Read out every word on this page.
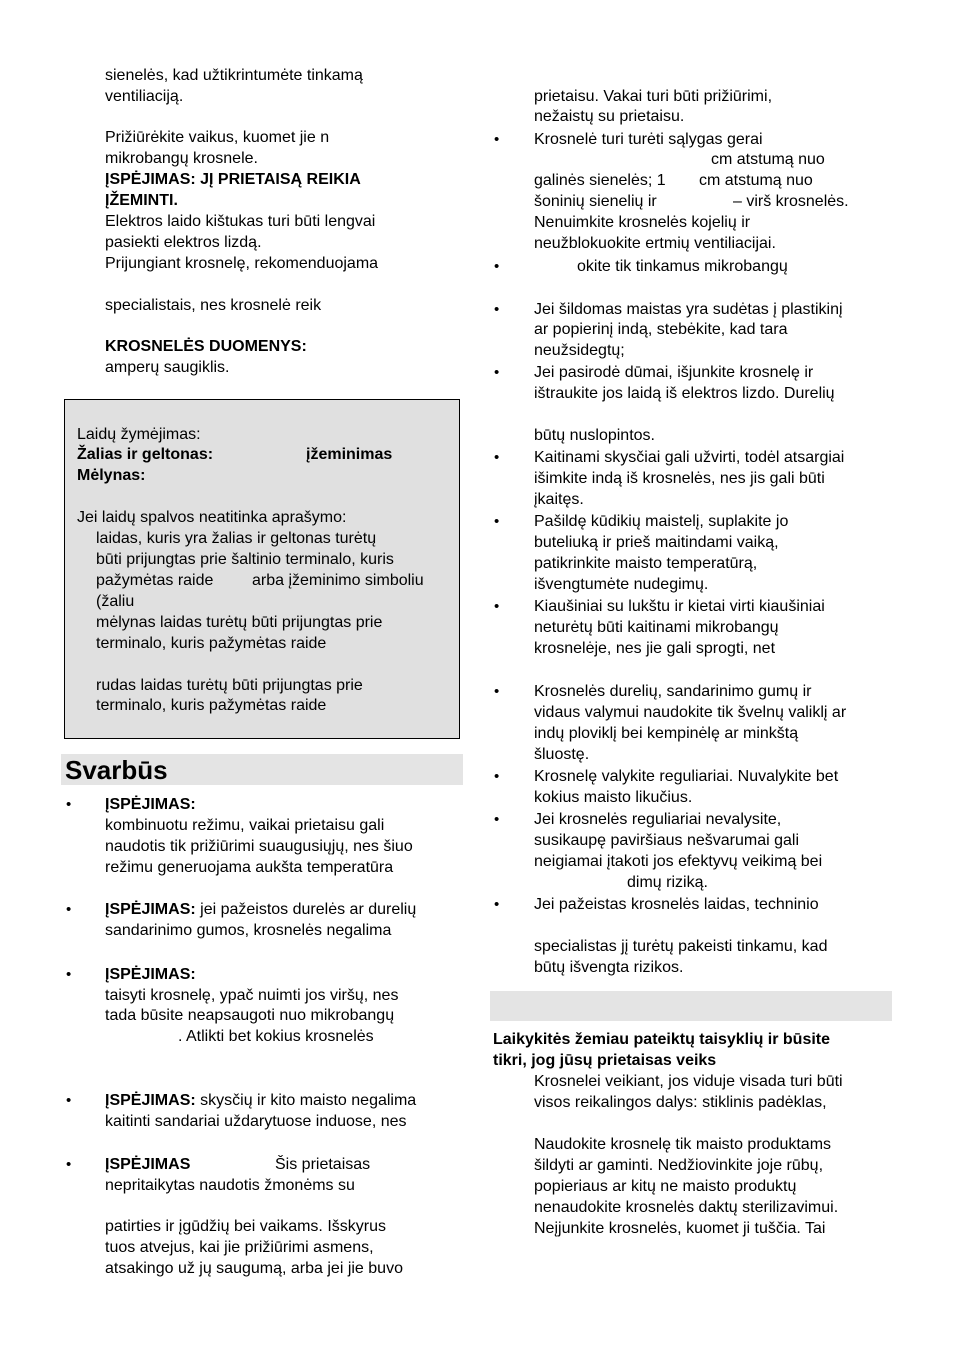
sienelės, kad užtikrintumėte tinkamą
ventiliaciją.
Prižiūrėkite vaikus, kuomet jie n
mikrobangų krosnele.
ĮSPĖJIMAS: JĮ PRIETAISĄ REIKIA
ĮŽEMINTI.
Elektros laido kištukas turi būti lengvai
pasiekti elektros lizdą.
Prijungiant krosnelę, rekomenduojama
specialistais, nes krosnelė reik
KROSNELĖS DUOMENYS:
amperų saugiklis.
Laidų žymėjimas:
Žalias ir geltonas:	įžeminimas
Mėlynas:
Jei laidų spalvos neatitinka aprašymo:
laidas, kuris yra žalias ir geltonas turėtų
būti prijungtas prie šaltinio terminalo, kuris
pažymėtas raide arba įžeminimo simboliu
(žaliu
mėlynas laidas turėtų būti prijungtas prie
terminalo, kuris pažymėtas raide
rudas laidas turėtų būti prijungtas prie
terminalo, kuris pažymėtas raide
Svarbūs
• ĮSPĖJIMAS:
kombinuotu režimu, vaikai prietaisu gali
naudotis tik prižiūrimi suaugusiųjų, nes šiuo
režimu generuojama aukšta temperatūra
• ĮSPĖJIMAS: jei pažeistos durelės ar durelių
sandarinimo gumos, krosnelės negalima
• ĮSPĖJIMAS:
taisyti krosnelę, ypač nuimti jos viršų, nes
tada būsite neapsaugoti nuo mikrobangų
. Atlikti bet kokius krosnelės
• ĮSPĖJIMAS: skysčių ir kito maisto negalima
kaitinti sandariai uždarytuose induose, nes
• ĮSPĖJIMAS	Šis prietaisas
nepritaikytas naudotis žmonėms su
patirties ir įgūdžių bei vaikams. Išskyrus
tuos atvejus, kai jie prižiūrimi asmens,
atsakingo už jų saugumą, arba jei jie buvo
prietaisu. Vakai turi būti prižiūrimi,
nežaistų su prietaisu.
• Krosnelė turi turėti sąlygas gerai
cm atstumą nuo
galinės sienelės; 1 cm atstumą nuo
šoninių sienelių ir	– virš krosnelės.
Nenuimkite krosnelės kojelių ir
neužblokuokite ertmių ventiliacijai.
•	okite tik tinkamus mikrobangų
• Jei šildomas maistas yra sudėtas į plastikinį
ar popierinį indą, stebėkite, kad tara
neužsidegtų;
• Jei pasirodė dūmai, išjunkite krosnelę ir
ištraukite jos laidą iš elektros lizdo. Durelių
būtų nuslopintos.
• Kaitinami skysčiai gali užvirti, todėl atsargiai
išimkite indą iš krosnelės, nes jis gali būti
įkaitęs.
• Pašildę kūdikių maistelį, suplakite jo
buteliuką ir prieš maitindami vaiką,
patikrinkite maisto temperatūrą,
išvengtumėte nudegimų.
• Kiaušiniai su lukštu ir kietai virti kiaušiniai
neturėtų būti kaitinami mikrobangų
krosnelėje, nes jie gali sprogti, net
• Krosnelės durelių, sandarinimo gumų ir
vidaus valymui naudokite tik švelnų valiklį ar
indų ploviklį bei kempinėlę ar minkštą
šluostę.
• Krosnelę valykite reguliariai. Nuvalykite bet
kokius maisto likučius.
• Jei krosnelės reguliariai nevalysite,
susikaupę paviršiaus nešvarumai gali
neigiamai įtakoti jos efektyvų veikimą bei
dimų riziką.
• Jei pažeistas krosnelės laidas, techninio
specialistas jį turėtų pakeisti tinkamu, kad
būtų išvengta rizikos.
Laikykitės žemiau pateiktų taisyklių ir būsite
tikri, jog jūsų prietaisas veiks
Krosnelei veikiant, jos viduje visada turi būti
visos reikalingos dalys: stiklinis padėklas,
Naudokite krosnelę tik maisto produktams
šildyti ar gaminti. Nedžiovinkite joje rūbų,
popieriaus ar kitų ne maisto produktų
nenaudokite krosnelės daktų sterilizavimui.
Neįjunkite krosnelės, kuomet ji tuščia. Tai
